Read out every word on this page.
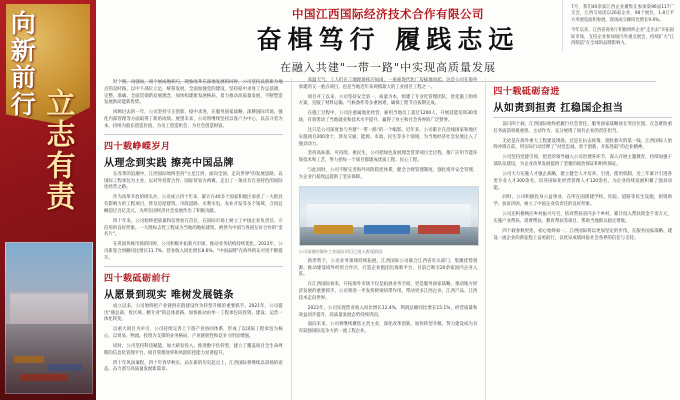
向新前行
立志有责

7月，我们40余家江西企业聚集在参加第96届117广交会，江西交易团以26家企业、98个展位、1.8万平方米展览面积参展，现场成交额同比增长9.6%。

今年以来，江西省商务厅积极组织企业"走出去"开拓国际市场，支持企业参加境内外重点展会，持续扩大"江西制造"在全球的品牌影响力。

中国江西国际经济技术合作有限公司
奋楫笃行 履践志远
在融入共建"一带一路"中实现高质量发展

时个图，再强加，项个展成地积巧，现象改革在深地发展的同时，公司坚持以创新为地点的是时路。以中下部位立足，统筹发展，全面加强党的建设，坚持稳中求进工作总基调，完整、准确、全面贯彻新发展理念，加快构建新发展格局，着力推动高质量发展，不断塑造发展新动能新优势。

回顾过去的一年，公司坚持守正创新、稳中求进，在服务国家战略、深耕国际市场、强化内部管理等方面取得了新的成绩。展望未来，公司将继续坚持以客户为中心，以奋斗者为本，持续为股东创造价值、为员工创造机会、为社会创造财富。

四十载峥嵘岁月
从理念到实践 擦亮中国品牌

在改革的浪潮中，江西国际始终坚持"立足江西、面向全国、走向世界"的发展思路，以国际工程承包为主业，以对外投资合作、国际贸易为两翼，走出了一条具有自身特色的国际化经营之路。

作为改革开放的排头兵，公司成立四十年来，累计在40多个国家和地区承担了一大批具有影响力的工程项目，涉及房屋建筑、市政道路、水利水电、农业开发等多个领域，合同总额超过百亿美元，为所在国经济社会发展作出了积极贡献。

四十年来，公司始终把质量和信誉放在首位，在国际市场上树立了中国企业负责任、守信用的良好形象。一大批标志性工程成为当地的地标建筑，被誉为中国与各国友好合作的"金名片"。

在巩固传统市场的同时，公司积极开拓新兴市场，推动业务结构持续优化。2023年，公司新签合同额同比增长11.7%，营业收入同比增长8.6%，"中国品牌"在海外的认可度不断提升。

四十载砥砺前行
从愿景到现实 唯树发展链条

成立以来，公司始终把产业链供应链建设作为转型升级的重要抓手。2021年，公司提出"强总部、优区域、精专业"的总体思路，加快推动由单一工程承包向投资、建设、运营一体化转变。

以重大项目为牵引，公司持续完善上下游产业协同体系，形成了以国际工程承包为核心，以贸易、物流、投资为支撑的业务格局，产业链韧性和竞争力明显增强。

同时，公司坚持科技赋能，加大研发投入，推进数字化转型，建立了覆盖项目全生命周期的信息化管理平台，项目管理效率和风险防控能力显著提升。

四十年风雨兼程，四十年春华秋实。站在新的历史起点上，江西国际将继续以昂扬的姿态，奋力谱写高质量发展新篇章。

高温天气，工人们在工地现场挥汗如雨，一座座现代化厂房拔地而起。这是公司在海外承建的又一重点项目，也是当地近年来规模最大的工业园区工程之一。

项目开工以来，公司坚持安全第一、质量为本，组建了专业化管理团队，优化施工组织方案，克服了材料运输、气候条件等多重困难，确保工程节点按期完成。

在施工过程中，公司注重属地化经营，雇用当地员工超过1200人，开展技能培训30余场，有效带动了当地就业和技术水平提升，赢得了业主和社会各界的广泛赞誉。

这只是公司深度参与共建"一带一路"的一个缩影。近年来，公司累计在沿线国家和地区实施项目200余个，涉及交通、能源、市政、民生等多个领域，为当地经济社会发展注入了强劲动力。

坚持高标准、可持续、惠民生，公司把绿色发展理念贯穿项目全过程，推广应用节能环保技术和工艺，努力把每一个项目都建成优质工程、民心工程。

与此同时，公司不断完善海外风险防控体系，健全合规管理制度，强化境外安全管理，为企业行稳致远提供了坚实保障。

公司承建的海外工业园区项目已进入收尾阶段

新形势下，公司业务领域持续拓展。江西国际公司联合江西省有关部门，集聚优势资源，推动建设境外经贸合作区，打造企业抱团出海新平台，目前已吸引20余家国内企业入驻。

在江西国际看来，开拓海外市场不仅是拓展业务空间，更是服务国家战略、推动地方经济发展的重要抓手。公司将进一步发挥桥梁纽带作用，带动更多江西企业、江西产品、江西技术走向世界。

2023年，公司实现营业收入同比增长12.4%，利润总额同比增长15.1%，经营质量和效益同步提升，高质量发展态势持续巩固。

面向未来，公司将继续聚焦主责主业，深化改革创新，加快转型升级，努力建设成为具有较强国际竞争力的一流工程企业。

四十载砥砺奋进
从如责到担责 扛稳国企担当

前日四十载，江西国际始终把履行社会责任、服务国家战略放在突出位置，在急难险重任务面前勇挑重担、主动作为，充分展现了国有企业的责任担当。

无论是在海外重大工程建设现场，还是在抗击疫情、抢险救灾的第一线，江西国际人始终冲锋在前，用实际行动诠释了"对党忠诚、勇于创新、开拓进取"的企业精神。

公司坚持党建引领，把党的领导融入公司治理各环节，深入开展主题教育，持续加强干部队伍建设，为企业改革发展提供了坚强的政治保证和组织保证。

公司大力实施人才强企战略，建立健全人才培养、引进、使用机制，近三年累计引进各类专业人才300余名，培养国际化经营管理人才120余名，为企业持续发展积蓄了强劲动能。

同时，公司积极投身公益事业，在所在国援建学校、医院、道路等民生设施，捐资助学、扶贫济困，树立了中国企业负责任的良好形象。

公司还积极响应乡村振兴号召，结对帮扶省内多个乡村，累计投入帮扶资金千余万元，实施产业帮扶、消费帮扶、教育帮扶等项目，帮助当地群众稳定增收。

四十载春秋更迭，初心始终如一。江西国际将以更加坚定的步伐，在服务国家战略、建设一流企业的新征程上奋勇前行，以优异成绩回报社会各界的信任与支持。
